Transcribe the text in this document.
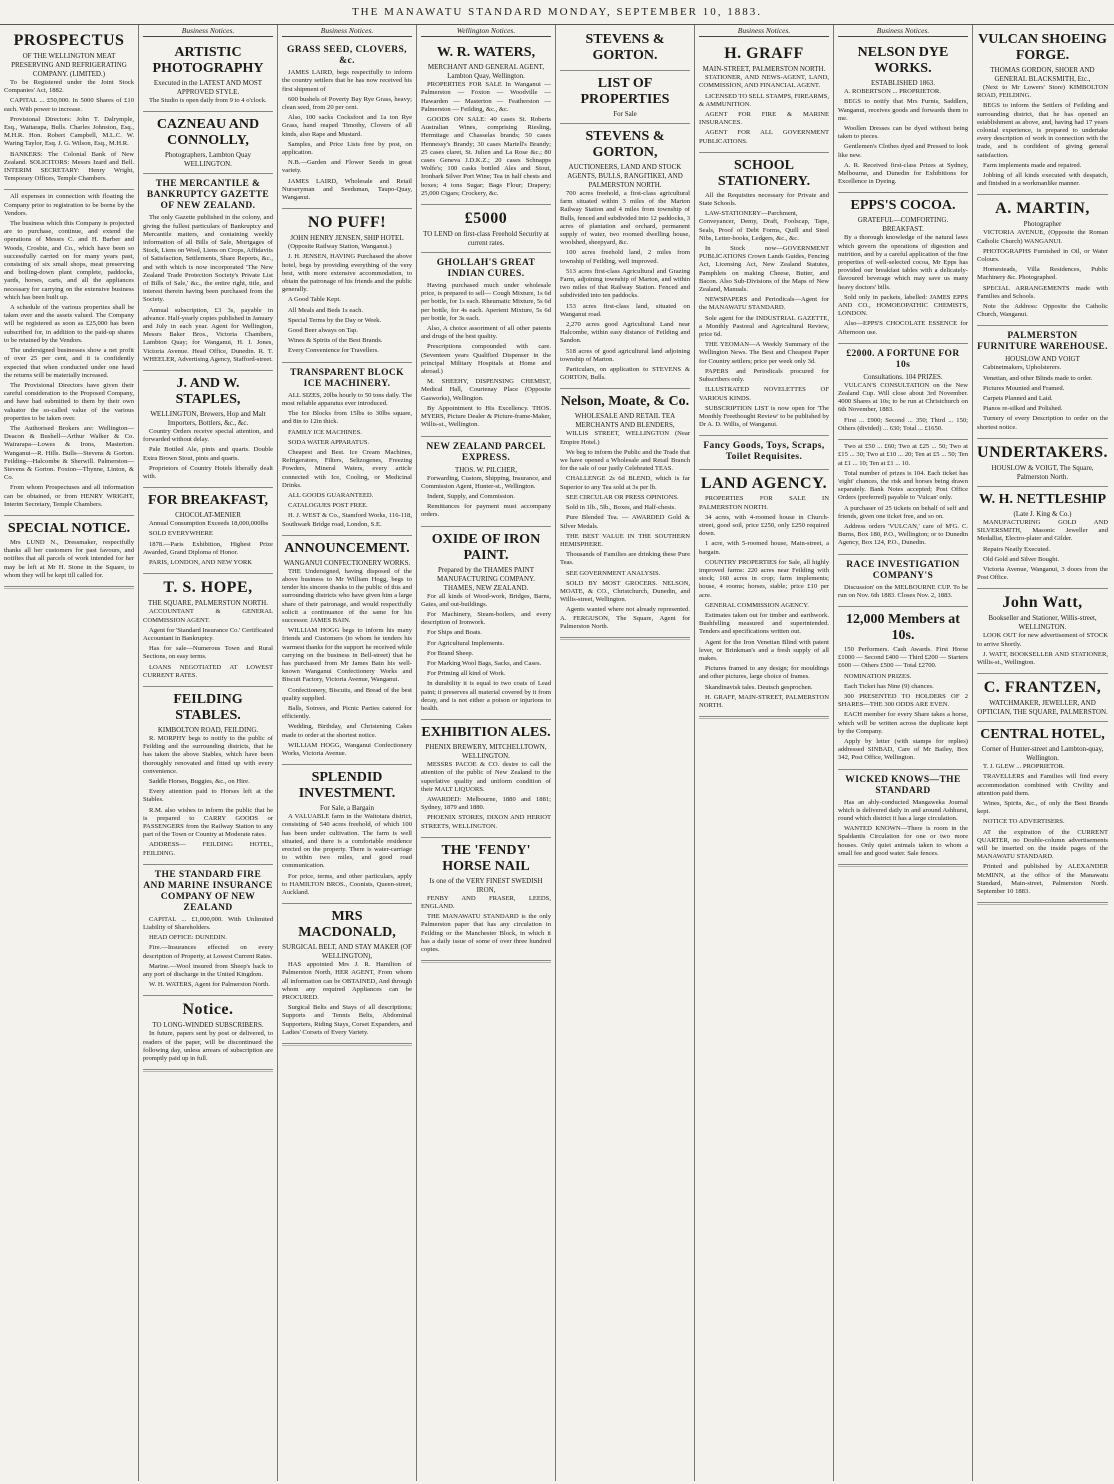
THE MANAWATU STANDARD MONDAY, SEPTEMBER 10, 1883.
PROSPECTUS
OF THE WELLINGTON MEAT PRESERVING AND REFRIGERATING COMPANY. (LIMITED.)

To be Registered under the Joint Stock Companies' Act, 1882.

CAPITAL ... £50,000. In 5000 Shares of £10 each. With power to increase.

Provisional Directors: John T. Dalrymple, Esq., Waitarapa, Bulls. Charles Johnston, Esq., M.H.R. Hon. Robert Campbell, M.L.C. W. Waring Taylor, Esq. J. G. Wilson, Esq., M.H.R.

BANKERS: The Colonial Bank of New Zealand. SOLICITORS: Messrs Izard and Bell. INTERIM SECRETARY: Henry Wright, Temporary Offices, Temple Chambers.

All expenses in connection with floating the Company prior to registration to be borne by the Vendors.

The business which this Company is projected are to purchase, continue, and extend the operations of Messrs C. and H. Barber and Woods, Crosbie, and Co., which have been so successfully carried on for many years past, consisting of six small shops, meat preserving and boiling-down plant complete, paddocks, yards, horses, carts, and all the appliances necessary for carrying on the extensive business which has been built up.

A schedule of the various properties shall be taken over and the assets valued. The Company will be registered as soon as £25,000 has been subscribed for, in addition to the paid-up shares to be retained by the Vendors.

The undersigned businesses show a net profit of over 25 per cent, and it is confidently expected that when conducted under one head the returns will be materially increased.

The Provisional Directors have given their careful consideration to the Proposed Company, and have had submitted to them by their own valuator the so-called value of the various properties to be taken over.

The Authorised Brokers are: Wellington—Deacon & Bushell—Arthur Walker & Co. Wairarapa—Lowes & Irons, Masterton. Wanganui—R. Hills. Bulls—Stevens & Gorton. Feilding—Halcombe & Sherwill. Palmerston—Stevens & Gorton. Foxton—Thynne, Linton, & Co.

From whom Prospectuses and all information can be obtained, or from HENRY WRIGHT, Interim Secretary, Temple Chambers.

SPECIAL NOTICE.

Mrs LUND N., Dressmaker, respectfully thanks all her customers for past favours, and notifies that all parcels of work intended for her may be left at Mr H. Stone in the Square, to whom they will be kept till called for.

Business Notices.
ARTISTIC PHOTOGRAPHY
Executed in the LATEST AND MOST APPROVED STYLE.

The Studio is open daily from 9 to 4 o'clock.

CAZNEAU AND CONNOLLY,
Photographers, Lambton Quay WELLINGTON.
THE MERCANTILE & BANKRUPTCY GAZETTE OF NEW ZEALAND.

The only Gazette published in the colony, and giving the fullest particulars of Bankruptcy and Mercantile matters, and containing weekly information of all Bills of Sale, Mortgages of Stock, Liens on Wool, Liens on Crops, Affidavits of Satisfaction, Settlements, Share Reports, &c., and with which is now incorporated 'The New Zealand Trade Protection Society's Private List of Bills of Sale,' &c., the entire right, title, and interest therein having been purchased from the Society.

Annual subscription, £3 3s, payable in advance. Half-yearly copies published in January and July in each year. Agent for Wellington, Messrs Baker Bros., Victoria Chambers, Lambton Quay; for Wanganui, H. I. Jones, Victoria Avenue. Head Office, Dunedin. R. T. WHEELER, Advertising Agency, Stafford-street.

J. AND W. STAPLES,
WELLINGTON, Brewers, Hop and Malt Importers, Bottlers, &c., &c.

Country Orders receive special attention, and forwarded without delay.

Pale Bottled Ale, pints and quarts. Double Extra Brown Stout, pints and quarts.

Proprietors of Country Hotels liberally dealt with.

FOR BREAKFAST,
CHOCOLAT-MENIER

Annual Consumption Exceeds 18,000,000lbs

SOLD EVERYWHERE

1878.—Paris Exhibition, Highest Prize Awarded, Grand Diploma of Honor.

PARIS, LONDON, AND NEW YORK

T. S. HOPE,
THE SQUARE, PALMERSTON NORTH.

ACCOUNTANT & GENERAL COMMISSION AGENT.

Agent for 'Standard Insurance Co.' Certificated Accountant in Bankruptcy.

Has for sale—Numerous Town and Rural Sections, on easy terms.

LOANS NEGOTIATED AT LOWEST CURRENT RATES.

FEILDING STABLES.
KIMBOLTON ROAD, FEILDING.

R. MORPHY begs to notify to the public of Feilding and the surrounding districts, that he has taken the above Stables, which have been thoroughly renovated and fitted up with every convenience.

Saddle Horses, Buggies, &c., on Hire.

Every attention paid to Horses left at the Stables.

R.M. also wishes to inform the public that he is prepared to CARRY GOODS or PASSENGERS from the Railway Station to any part of the Town or Country at Moderate rates.

ADDRESS— FEILDING HOTEL, FEILDING.

THE STANDARD FIRE AND MARINE INSURANCE COMPANY OF NEW ZEALAND

CAPITAL ... £1,000,000. With Unlimited Liability of Shareholders.

HEAD OFFICE: DUNEDIN.

Fire.—Insurances effected on every description of Property, at Lowest Current Rates.

Marine.—Wool insured from Sheep's back to any port of discharge in the United Kingdom.

W. H. WATERS, Agent for Palmerston North.

Notice.
TO LONG-WINDED SUBSCRIBERS.

In future, papers sent by post or delivered, to readers of the paper, will be discontinued the following day, unless arrears of subscription are promptly paid up in full.

Business Notices.
GRASS SEED, CLOVERS, &c.

JAMES LAIRD, begs respectfully to inform the country settlers that he has now received his first shipment of

600 bushels of Poverty Bay Rye Grass, heavy; clean seed, from 20 per cent.

Also, 100 sacks Cocksfoot and 1a ton Rye Grass, hand reaped Timothy, Clovers of all kinds, also Rape and Mustard.

Samples, and Price Lists free by post, on application.

N.B.—Garden and Flower Seeds in great variety.

JAMES LAIRD, Wholesale and Retail Nurseryman and Seedsman, Taupo-Quay, Wanganui.

NO PUFF!
JOHN HENRY JENSEN, SHIP HOTEL

(Opposite Railway Station, Wanganui.)

J. H. JENSEN, HAVING Purchased the above hotel, begs by providing everything of the very best, with more extensive accommodation, to obtain the patronage of his friends and the public generally.

A Good Table Kept.

All Meals and Beds 1s each.

Special Terms by the Day or Week.

Good Beer always on Tap.

Wines & Spirits of the Best Brands.

Every Convenience for Travellers.

TRANSPARENT BLOCK ICE MACHINERY.

ALL SIZES, 20lbs hourly to 50 tons daily. The most reliable apparatus ever introduced.

The Ice Blocks from 15lbs to 30lbs square, and 8in to 12in thick.

FAMILY ICE MACHINES.

SODA WATER APPARATUS.

Cheapest and Best. Ice Cream Machines, Refrigerators, Filters, Seltzogenes, Freezing Powders, Mineral Waters, every article connected with Ice, Cooling, or Medicinal Drinks.

ALL GOODS GUARANTEED.

CATALOGUES POST FREE.

H. J. WEST & Co., Stamford Works, 116-118, Southwark Bridge road, London, S.E.

ANNOUNCEMENT.
WANGANUI CONFECTIONERY WORKS.

THE Undersigned, having disposed of the above business to Mr William Hogg, begs to tender his sincere thanks to the public of this and surrounding districts who have given him a large share of their patronage, and would respectfully solicit a continuance of the same for his successor. JAMES BAIN.

WILLIAM HOGG begs to inform his many friends and Customers (to whom he tenders his warmest thanks for the support he received while carrying on the business in Bell-street) that he has purchased from Mr James Bain his well-known Wanganui Confectionery Works and Biscuit Factory, Victoria Avenue, Wanganui.

Confectionery, Biscuits, and Bread of the best quality supplied.

Balls, Soirees, and Picnic Parties catered for efficiently.

Wedding, Birthday, and Christening Cakes made to order at the shortest notice.

WILLIAM HOGG, Wanganui Confectionery Works, Victoria Avenue.

SPLENDID INVESTMENT.
For Sale, a Bargain

A VALUABLE farm in the Waitotara district, consisting of 540 acres freehold, of which 100 has been under cultivation. The farm is well situated, and there is a comfortable residence erected on the property. There is water-carriage to within two miles, and good road communication.

For price, terms, and other particulars, apply to HAMILTON BROS., Coonists, Queen-street, Auckland.

MRS MACDONALD,
SURGICAL BELT, AND STAY MAKER (OF WELLINGTON),

HAS appointed Mrs J. R. Hamilton of Palmerston North, HER AGENT, From whom all information can be OBTAINED, And through whom any required Appliances can be PROCURED.

Surgical Belts and Stays of all descriptions; Supports and Tennis Belts, Abdominal Supporters, Riding Stays, Corset Expanders, and Ladies' Corsets of Every Variety.

Wellington Notices.
W. R. WATERS,
MERCHANT AND GENERAL AGENT, Lambton Quay, Wellington.

PROPERTIES FOR SALE In Wanganui — Palmerston — Foxton — Woodville — Hawarden — Masterton — Featherston — Palmerston — Feilding, &c., &c.

GOODS ON SALE: 40 cases St. Roberts Australian Wines, comprising Riesling, Hermitage and Chasselas brands; 50 cases Hennessy's Brandy; 30 cases Martell's Brandy; 25 cases claret, St. Julien and La Rose &c.; 80 cases Geneva J.D.K.Z.; 20 cases Schnapps Wolfe's; 100 casks bottled Ales and Stout, Ironbark Silver Port Wine; Tea in half chests and boxes; 4 tons Sugar; Bags Flour; Drapery; 25,000 Cigars; Crockery, &c.

£5000
TO LEND on first-class Freehold Security at current rates.
GHOLLAH'S GREAT INDIAN CURES.

Having purchased much under wholesale price, is prepared to sell— Cough Mixture, 1s 6d per bottle, for 1s each. Rheumatic Mixture, 5s 6d per bottle, for 4s each. Aperient Mixture, 5s 6d per bottle, for 3s each.

Also, A choice assortment of all other patents and drugs of the best quality.

Prescriptions compounded with care. (Seventeen years Qualified Dispenser in the principal Military Hospitals at Home and abroad.)

M. SHEEHY, DISPENSING CHEMIST, Medical Hall, Courtenay Place (Opposite Gasworks), Wellington.

By Appointment to His Excellency. THOS. MYERS, Picture Dealer & Picture-frame-Maker, Willis-st., Wellington.

NEW ZEALAND PARCEL EXPRESS.
THOS. W. PILCHER,

Forwarding, Custom, Shipping, Insurance, and Commission Agent, Hunter-st., Wellington.

Indent, Supply, and Commission.

Remittances for payment must accompany orders.

OXIDE OF IRON PAINT.
Prepared by the THAMES PAINT MANUFACTURING COMPANY. THAMES, NEW ZEALAND.

For all kinds of Wood-work, Bridges, Barns, Gates, and out-buildings.

For Machinery, Steam-boilers, and every description of Ironwork.

For Ships and Boats.

For Agricultural Implements.

For Brand Sheep.

For Marking Wool Bags, Sacks, and Cases.

For Priming all kind of Work.

In durability it is equal to two coats of Lead paint; it preserves all material covered by it from decay, and is not either a poison or injurious to health.

EXHIBITION ALES.
PHENIX BREWERY, MITCHELLTOWN, WELLINGTON.

MESSRS PACOE & CO. desire to call the attention of the public of New Zealand to the superlative quality and uniform condition of their MALT LIQUORS.

AWARDED: Melbourne, 1880 and 1881; Sydney, 1879 and 1880.

PHOENIX STORES, DIXON AND HERIOT STREETS, WELLINGTON.

THE 'FENDY' HORSE NAIL
Is one of the VERY FINEST SWEDISH IRON,

FENBY AND FRASER, LEEDS, ENGLAND.

THE MANAWATU STANDARD is the only Palmerston paper that has any circulation in Feilding or the Manchester Block, in which it has a daily issue of some of over three hundred copies.

STEVENS & GORTON.
LIST OF PROPERTIES
For Sale
STEVENS & GORTON,
AUCTIONEERS, LAND AND STOCK AGENTS, BULLS, RANGITIKEI, AND PALMERSTON NORTH.

700 acres freehold, a first-class agricultural farm situated within 3 miles of the Marton Railway Station and 4 miles from township of Bulls, fenced and subdivided into 12 paddocks, 3 acres of plantation and orchard, permanent supply of water, two roomed dwelling house, woolshed, sheepyard, &c.

100 acres freehold land, 2 miles from township of Feilding, well improved.

513 acres first-class Agricultural and Grazing Farm, adjoining township of Marton, and within two miles of that Railway Station. Fenced and subdivided into ten paddocks.

153 acres first-class land, situated on Wanganui road.

2,270 acres good Agricultural Land near Halcombe, within easy distance of Feilding and Sandon.

518 acres of good agricultural land adjoining township of Marton.

Particulars, on application to STEVENS & GORTON, Bulls.

Nelson, Moate, & Co.
WHOLESALE AND RETAIL TEA MERCHANTS AND BLENDERS,

WILLIS STREET, WELLINGTON (Near Empire Hotel.)

We beg to inform the Public and the Trade that we have opened a Wholesale and Retail Branch for the sale of our justly Celebrated TEAS.

CHALLENGE 2s 6d BLEND, which is far Superior to any Tea sold at 3s per lb.

SEE CIRCULAR OR PRESS OPINIONS.

Sold in 1lb., 5lb., Boxes, and Half-chests.

Pure Blended Tea. — AWARDED Gold & Silver Medals.

THE BEST VALUE IN THE SOUTHERN HEMISPHERE.

Thousands of Families are drinking these Pure Teas.

SEE GOVERNMENT ANALYSIS.

SOLD BY MOST GROCERS. NELSON, MOATE, & CO., Christchurch, Dunedin, and Willis-street, Wellington.

Agents wanted where not already represented. A. FERGUSON, The Square, Agent for Palmerston North.

Business Notices.
H. GRAFF
MAIN-STREET, PALMERSTON NORTH.

STATIONER, AND NEWS-AGENT, LAND, COMMISSION, AND FINANCIAL AGENT.

LICENSED TO SELL STAMPS, FIREARMS, & AMMUNITION.

AGENT FOR FIRE & MARINE INSURANCES.

AGENT FOR ALL GOVERNMENT PUBLICATIONS.

SCHOOL STATIONERY.

All the Requisites necessary for Private and State Schools.

LAW-STATIONERY—Parchment, Conveyancer, Demy, Draft, Foolscap, Tape, Seals, Proof of Debt Forms, Quill and Steel Nibs, Letter-books, Ledgers, &c., &c.

In Stock now—GOVERNMENT PUBLICATIONS Crown Lands Guides, Fencing Act, Licensing Act, New Zealand Statutes, Pamphlets on making Cheese, Butter, and Bacon. Also Sub-Divisions of the Maps of New Zealand, Manuals.

NEWSPAPERS and Periodicals—Agent for the MANAWATU STANDARD.

Sole agent for the INDUSTRIAL GAZETTE, a Monthly Pastoral and Agricultural Review, price 6d.

THE YEOMAN—A Weekly Summary of the Wellington News. The Best and Cheapest Paper for Country settlers; price per week only 3d.

PAPERS and Periodicals procured for Subscribers only.

ILLUSTRATED NOVELETTES OF VARIOUS KINDS.

SUBSCRIPTION LIST is now open for 'The Monthly Freethought Review' to be published by Dr A. D. Willis, of Wanganui.

Fancy Goods, Toys, Scraps, Toilet Requisites.
LAND AGENCY.

PROPERTIES FOR SALE IN PALMERSTON NORTH.

34 acres, with 4-roomed house in Church-street, good soil, price £250, only £250 required down.

1 acre, with 5-roomed house, Main-street, a bargain.

COUNTRY PROPERTIES for Sale, all highly improved farms: 220 acres near Feilding with stock; 160 acres in crop; farm implements; house, 4 rooms; horses, stable; price £10 per acre.

GENERAL COMMISSION AGENCY.

Estimates taken out for timber and earthwork. Bushfelling measured and superintended. Tenders and specifications written out.

Agent for the Iron Venetian Blind with patent lever, or Brinkman's and a fresh supply of all makes.

Pictures framed to any design; for mouldings and other pictures, large choice of frames.

Skandinavisk tales. Deutsch gesprochen.

H. GRAFF, MAIN-STREET, PALMERSTON NORTH.

Business Notices.
NELSON DYE WORKS.
ESTABLISHED 1863.

A. ROBERTSON ... PROPRIETOR.

BEGS to notify that Mrs Furnis, Saddlers, Wanganui, receives goods and forwards them to me.

Woollen Dresses can be dyed without being taken to pieces.

Gentlemen's Clothes dyed and Pressed to look like new.

A. R. Received first-class Prizes at Sydney, Melbourne, and Dunedin for Exhibitions for Excellence in Dyeing.

EPPS'S COCOA.
GRATEFUL—COMFORTING. BREAKFAST.

By a thorough knowledge of the natural laws which govern the operations of digestion and nutrition, and by a careful application of the fine properties of well-selected cocoa, Mr Epps has provided our breakfast tables with a delicately-flavoured beverage which may save us many heavy doctors' bills.

Sold only in packets, labelled: JAMES EPPS AND CO., HOMOEOPATHIC CHEMISTS, LONDON.

Also—EPPS'S CHOCOLATE ESSENCE for Afternoon use.

£2000. A FORTUNE FOR 10s
Consultations. 104 PRIZES.

VULCAN'S CONSULTATION on the New Zealand Cup. Will close about 3rd November. 4000 Shares at 10s; to be run at Christchurch on 6th November, 1883.

First ... £900; Second ... 350; Third ... 150; Others (divided) ... 630; Total ... £1650.

Two at £50 ... £60; Two at £25 ... 50; Two at £15 ... 30; Two at £10 ... 20; Ten at £5 ... 50; Ten at £1 ... 10; Ten at £1 ... 10.

Total number of prizes is 104. Each ticket has 'eight' chances, the risk and horses being drawn separately. Bank Notes accepted; Post Office Orders (preferred) payable to 'Vulcan' only.

A purchaser of 25 tickets on behalf of self and friends, given one ticket free, and so on.

Address orders 'VULCAN,' care of M'G. C. Burns, Box 180, P.O., Wellington; or to Dunedin Agency, Box 124, P.O., Dunedin.

RACE INVESTIGATION COMPANY'S

Discussion' on the MELBOURNE CUP. To be run on Nov. 6th 1883. Closes Nov. 2, 1883.

12,000 Members at 10s.

150 Performers. Cash Awards. First Horse £1000 — Second £400 — Third £200 — Starters £600 — Others £500 — Total £2700.

NOMINATION PRIZES.

Each Ticket has Nine (9) chances.

300 PRESENTED TO HOLDERS OF 2 SHARES—THE 300 ODDS ARE EVEN.

EACH member for every Share takes a horse, which will be written across the duplicate kept by the Company.

Apply by letter (with stamps for replies) addressed SINBAD, Care of Mr Bailey, Box 342, Post Office, Wellington.

WICKED KNOWS—THE STANDARD

Has an ably-conducted Mangaweka Journal which is delivered daily in and around Ashhurst, round which district it has a large circulation.

WANTED KNOWN—There is room in the Spaldantis Circulation for one or two more houses. Only quiet animals taken to whom a small fee and good water. Sale fences.

VULCAN SHOEING FORGE.
THOMAS GORDON, SHOER AND GENERAL BLACKSMITH, Etc.,

(Next to Mr Lowers' Store) KIMBOLTON ROAD, FEILDING.

BEGS to inform the Settlers of Feilding and surrounding district, that he has opened an establishment as above, and, having had 17 years colonial experience, is prepared to undertake every description of work in connection with the trade, and is confident of giving general satisfaction.

Farm implements made and repaired.

Jobbing of all kinds executed with despatch, and finished in a workmanlike manner.

A. MARTIN,
Photographer

VICTORIA AVENUE, (Opposite the Roman Catholic Church) WANGANUI.

PHOTOGRAPHS Furnished in Oil, or Water Colours.

Homesteads, Villa Residences, Public Machinery &c. Photographed.

SPECIAL ARRANGEMENTS made with Families and Schools.

Note the Address: Opposite the Catholic Church, Wanganui.

PALMERSTON FURNITURE WAREHOUSE.
HOUSLOW AND VOIGT

Cabinetmakers, Upholsterers.

Venetian, and other Blinds made to order.

Pictures Mounted and Framed.

Carpets Planned and Laid.

Pianos re-silked and Polished.

Turnery of every Description to order on the shortest notice.

UNDERTAKERS.
HOUSLOW & VOIGT, The Square, Palmerston North.
W. H. NETTLESHIP
(Late J. King & Co.)

MANUFACTURING GOLD AND SILVERSMITH, Masonic Jeweller and Medallist, Electro-plater and Gilder.

Repairs Neatly Executed.

Old Gold and Silver Bought.

Victoria Avenue, Wanganui, 3 doors from the Post Office.

John Watt,
Bookseller and Stationer, Willis-street, WELLINGTON.

LOOK OUT for new advertisement of STOCK to arrive Shortly.

J. WATT, BOOKSELLER AND STATIONER, Willis-st., Wellington.

C. FRANTZEN,
WATCHMAKER, JEWELLER, AND OPTICIAN, THE SQUARE, PALMERSTON.
CENTRAL HOTEL,
Corner of Hunter-street and Lambton-quay, Wellington.

T. J. GLEW ... PROPRIETOR.

TRAVELLERS and Families will find every accommodation combined with Civility and attention paid them.

Wines, Spirits, &c., of only the Best Brands kept.

NOTICE TO ADVERTISERS.

AT the expiration of the CURRENT QUARTER, no Double-column advertisements will be inserted on the inside pages of the MANAWATU STANDARD.

Printed and published by ALEXANDER McMINN, at the office of the Manawatu Standard, Main-street, Palmerston North. September 10 1883.
